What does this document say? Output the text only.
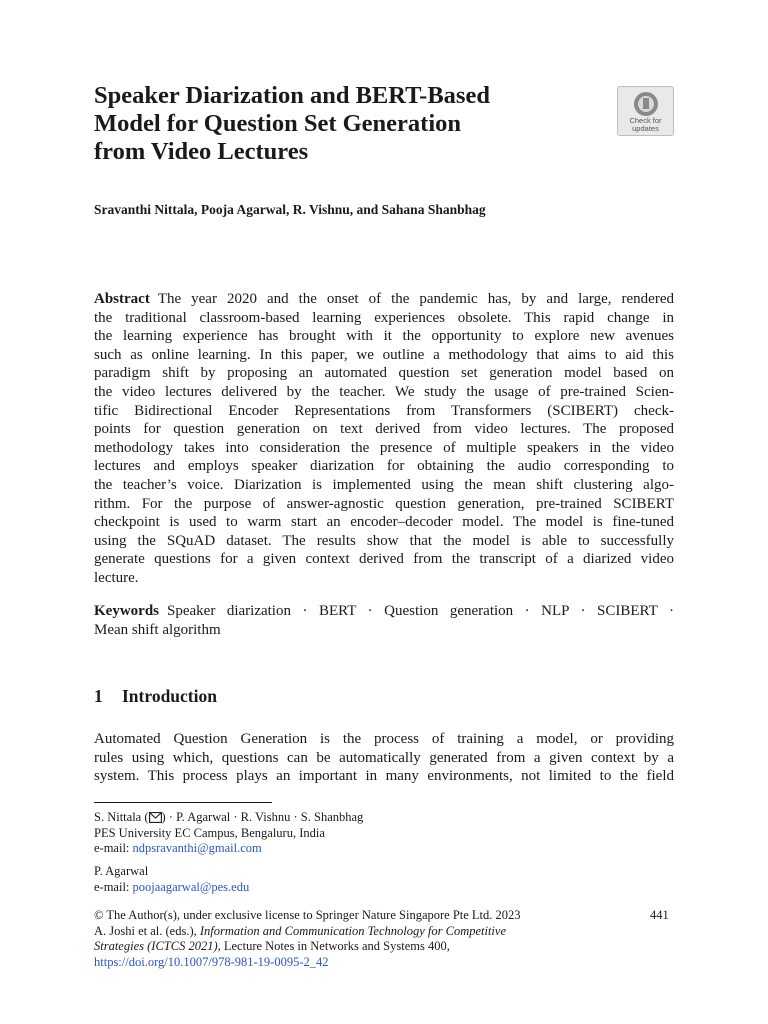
Speaker Diarization and BERT-Based
Model for Question Set Generation
from Video Lectures
Check for
updates
Sravanthi Nittala, Pooja Agarwal, R. Vishnu, and Sahana Shanbhag
Abstract The year 2020 and the onset of the pandemic has, by and large, rendered
the traditional classroom-based learning experiences obsolete. This rapid change in
the learning experience has brought with it the opportunity to explore new avenues
such as online learning. In this paper, we outline a methodology that aims to aid this
paradigm shift by proposing an automated question set generation model based on
the video lectures delivered by the teacher. We study the usage of pre-trained Scien-
tific Bidirectional Encoder Representations from Transformers (SCIBERT) check-
points for question generation on text derived from video lectures. The proposed
methodology takes into consideration the presence of multiple speakers in the video
lectures and employs speaker diarization for obtaining the audio corresponding to
the teacher’s voice. Diarization is implemented using the mean shift clustering algo-
rithm. For the purpose of answer-agnostic question generation, pre-trained SCIBERT
checkpoint is used to warm start an encoder–decoder model. The model is fine-tuned
using the SQuAD dataset. The results show that the model is able to successfully
generate questions for a given context derived from the transcript of a diarized video
lecture.
Keywords Speaker diarization · BERT · Question generation · NLP · SCIBERT ·
Mean shift algorithm
1 Introduction
Automated Question Generation is the process of training a model, or providing
rules using which, questions can be automatically generated from a given context by a
system. This process plays an important in many environments, not limited to the field
S. Nittala ( ) · P. Agarwal · R. Vishnu · S. Shanbhag
PES University EC Campus, Bengaluru, India
e-mail: ndpsravanthi@gmail.com
P. Agarwal
e-mail: poojaagarwal@pes.edu
© The Author(s), under exclusive license to Springer Nature Singapore Pte Ltd. 2023
A. Joshi et al. (eds.), Information and Communication Technology for Competitive
Strategies (ICTCS 2021), Lecture Notes in Networks and Systems 400,
https://doi.org/10.1007/978-981-19-0095-2_42
441
